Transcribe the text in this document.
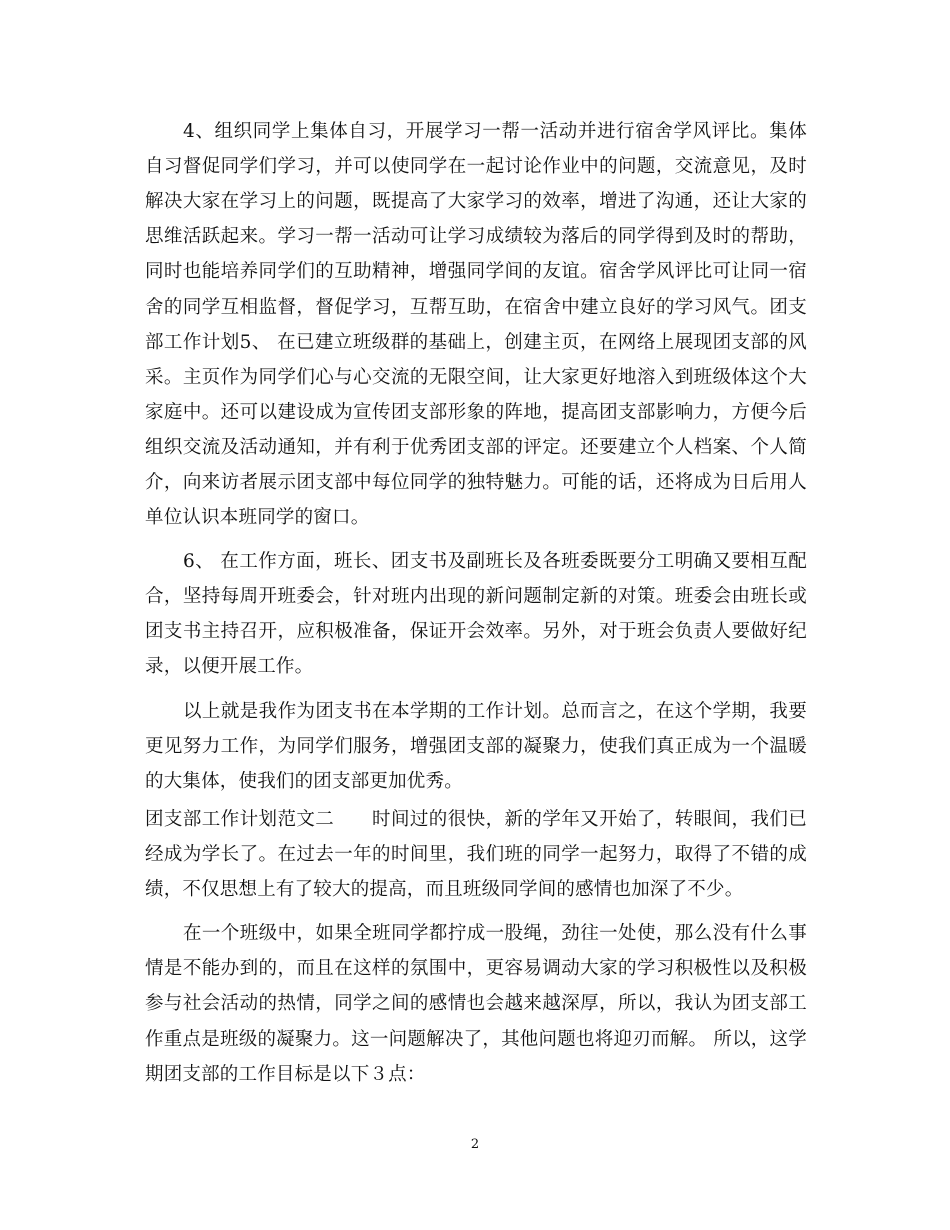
4、组织同学上集体自习，开展学习一帮一活动并进行宿舍学风评比。集体
自习督促同学们学习，并可以使同学在一起讨论作业中的问题，交流意见，及时
解决大家在学习上的问题，既提高了大家学习的效率，增进了沟通，还让大家的
思维活跃起来。学习一帮一活动可让学习成绩较为落后的同学得到及时的帮助，
同时也能培养同学们的互助精神，增强同学间的友谊。宿舍学风评比可让同一宿
舍的同学互相监督，督促学习，互帮互助，在宿舍中建立良好的学习风气。团支
部工作计划5、 在已建立班级群的基础上，创建主页，在网络上展现团支部的风
采。主页作为同学们心与心交流的无限空间，让大家更好地溶入到班级体这个大
家庭中。还可以建设成为宣传团支部形象的阵地，提高团支部影响力，方便今后
组织交流及活动通知，并有利于优秀团支部的评定。还要建立个人档案、个人简
介，向来访者展示团支部中每位同学的独特魅力。可能的话，还将成为日后用人
单位认识本班同学的窗口。
6、 在工作方面，班长、团支书及副班长及各班委既要分工明确又要相互配
合，坚持每周开班委会，针对班内出现的新问题制定新的对策。班委会由班长或
团支书主持召开，应积极准备，保证开会效率。另外，对于班会负责人要做好纪
录，以便开展工作。
以上就是我作为团支书在本学期的工作计划。总而言之，在这个学期，我要
更见努力工作，为同学们服务，增强团支部的凝聚力，使我们真正成为一个温暖
的大集体，使我们的团支部更加优秀。
团支部工作计划范文二　　时间过的很快，新的学年又开始了，转眼间，我们已
经成为学长了。在过去一年的时间里，我们班的同学一起努力，取得了不错的成
绩，不仅思想上有了较大的提高，而且班级同学间的感情也加深了不少。
在一个班级中，如果全班同学都拧成一股绳，劲往一处使，那么没有什么事
情是不能办到的，而且在这样的氛围中，更容易调动大家的学习积极性以及积极
参与社会活动的热情，同学之间的感情也会越来越深厚，所以，我认为团支部工
作重点是班级的凝聚力。这一问题解决了，其他问题也将迎刃而解。 所以，这学
期团支部的工作目标是以下３点：
2
